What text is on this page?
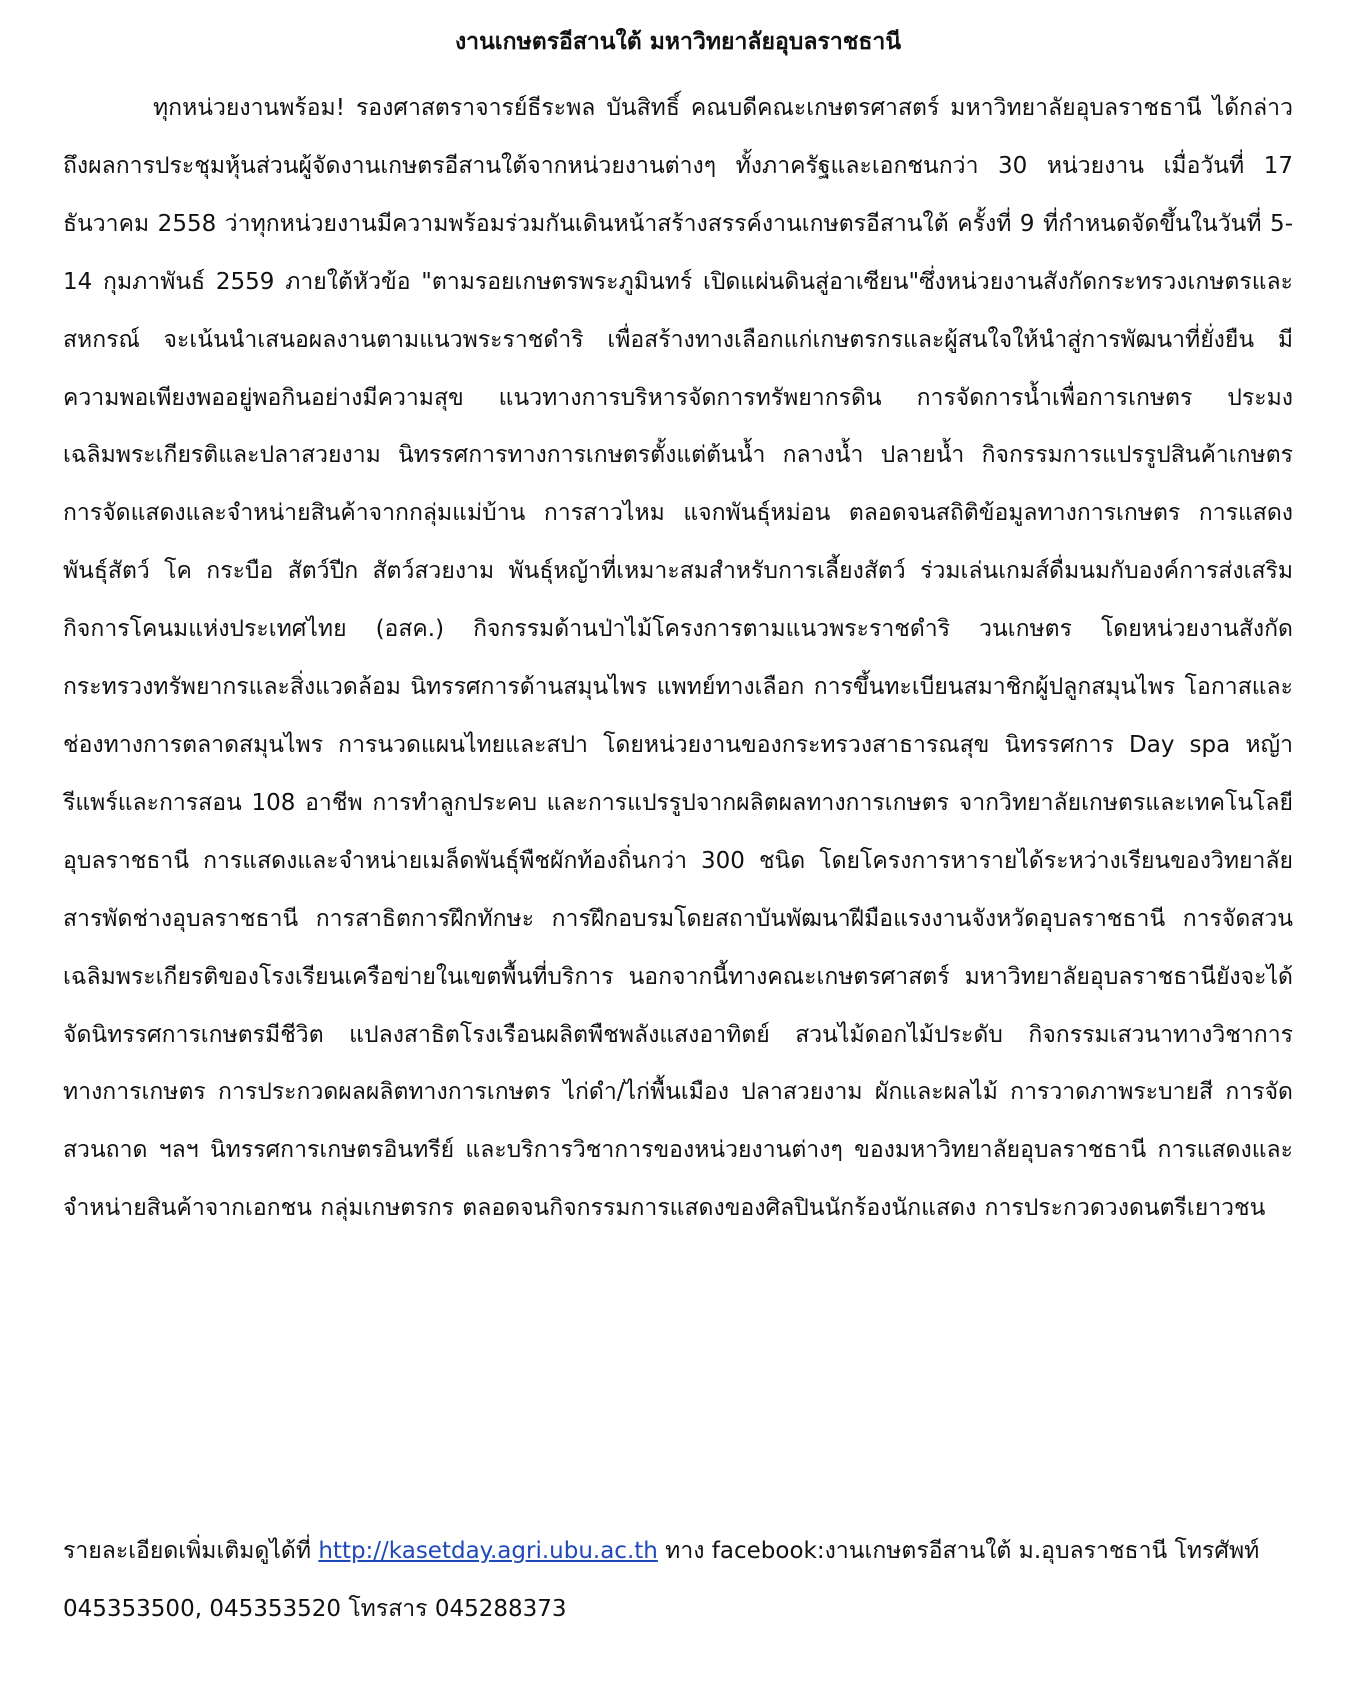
งานเกษตรอีสานใต้ มหาวิทยาลัยอุบลราชธานี

ทุกหน่วยงานพร้อม! รองศาสตราจารย์ธีระพล บันสิทธิ์ คณบดีคณะเกษตรศาสตร์ มหาวิทยาลัยอุบลราชธานี ได้กล่าวถึงผลการประชุมหุ้นส่วนผู้จัดงานเกษตรอีสานใต้จากหน่วยงานต่างๆ ทั้งภาครัฐและเอกชนกว่า 30 หน่วยงาน เมื่อวันที่ 17 ธันวาคม 2558 ว่าทุกหน่วยงานมีความพร้อมร่วมกันเดินหน้าสร้างสรรค์งานเกษตรอีสานใต้ ครั้งที่ 9 ที่กำหนดจัดขึ้นในวันที่ 5-14 กุมภาพันธ์ 2559 ภายใต้หัวข้อ "ตามรอยเกษตรพระภูมินทร์ เปิดแผ่นดินสู่อาเซียน"ซึ่งหน่วยงานสังกัดกระทรวงเกษตรและสหกรณ์ จะเน้นนำเสนอผลงานตามแนวพระราชดำริ เพื่อสร้างทางเลือกแก่เกษตรกรและผู้สนใจให้นำสู่การพัฒนาที่ยั่งยืน มีความพอเพียงพออยู่พอกินอย่างมีความสุข แนวทางการบริหารจัดการทรัพยากรดิน การจัดการน้ำเพื่อการเกษตร ประมงเฉลิมพระเกียรติและปลาสวยงาม นิทรรศการทางการเกษตรตั้งแต่ต้นน้ำ กลางน้ำ ปลายน้ำ กิจกรรมการแปรรูปสินค้าเกษตร การจัดแสดงและจำหน่ายสินค้าจากกลุ่มแม่บ้าน การสาวไหม แจกพันธุ์หม่อน ตลอดจนสถิติข้อมูลทางการเกษตร การแสดงพันธุ์สัตว์ โค กระบือ สัตว์ปีก สัตว์สวยงาม พันธุ์หญ้าที่เหมาะสมสำหรับการเลี้ยงสัตว์ ร่วมเล่นเกมส์ดื่มนมกับองค์การส่งเสริมกิจการโคนมแห่งประเทศไทย (อสค.) กิจกรรมด้านป่าไม้โครงการตามแนวพระราชดำริ วนเกษตร โดยหน่วยงานสังกัดกระทรวงทรัพยากรและสิ่งแวดล้อม นิทรรศการด้านสมุนไพร แพทย์ทางเลือก การขึ้นทะเบียนสมาชิกผู้ปลูกสมุนไพร โอกาสและช่องทางการตลาดสมุนไพร การนวดแผนไทยและสปา โดยหน่วยงานของกระทรวงสาธารณสุข นิทรรศการ Day spa หญ้ารีแพร์และการสอน 108 อาชีพ การทำลูกประคบ และการแปรรูปจากผลิตผลทางการเกษตร จากวิทยาลัยเกษตรและเทคโนโลยีอุบลราชธานี การแสดงและจำหน่ายเมล็ดพันธุ์พืชผักท้องถิ่นกว่า 300 ชนิด โดยโครงการหารายได้ระหว่างเรียนของวิทยาลัยสารพัดช่างอุบลราชธานี การสาธิตการฝึกทักษะ การฝึกอบรมโดยสถาบันพัฒนาฝีมือแรงงานจังหวัดอุบลราชธานี การจัดสวนเฉลิมพระเกียรติของโรงเรียนเครือข่ายในเขตพื้นที่บริการ นอกจากนี้ทางคณะเกษตรศาสตร์ มหาวิทยาลัยอุบลราชธานียังจะได้จัดนิทรรศการเกษตรมีชีวิต แปลงสาธิตโรงเรือนผลิตพืชพลังแสงอาทิตย์ สวนไม้ดอกไม้ประดับ กิจกรรมเสวนาทางวิชาการทางการเกษตร การประกวดผลผลิตทางการเกษตร ไก่ดำ/ไก่พื้นเมือง ปลาสวยงาม ผักและผลไม้ การวาดภาพระบายสี การจัดสวนถาด ฯลฯ นิทรรศการเกษตรอินทรีย์ และบริการวิชาการของหน่วยงานต่างๆ ของมหาวิทยาลัยอุบลราชธานี การแสดงและจำหน่ายสินค้าจากเอกชน กลุ่มเกษตรกร ตลอดจนกิจกรรมการแสดงของศิลปินนักร้องนักแสดง การประกวดวงดนตรีเยาวชน

รายละเอียดเพิ่มเติมดูได้ที่ http://kasetday.agri.ubu.ac.th ทาง facebook:งานเกษตรอีสานใต้ ม.อุบลราชธานี โทรศัพท์ 045353500, 045353520 โทรสาร 045288373
